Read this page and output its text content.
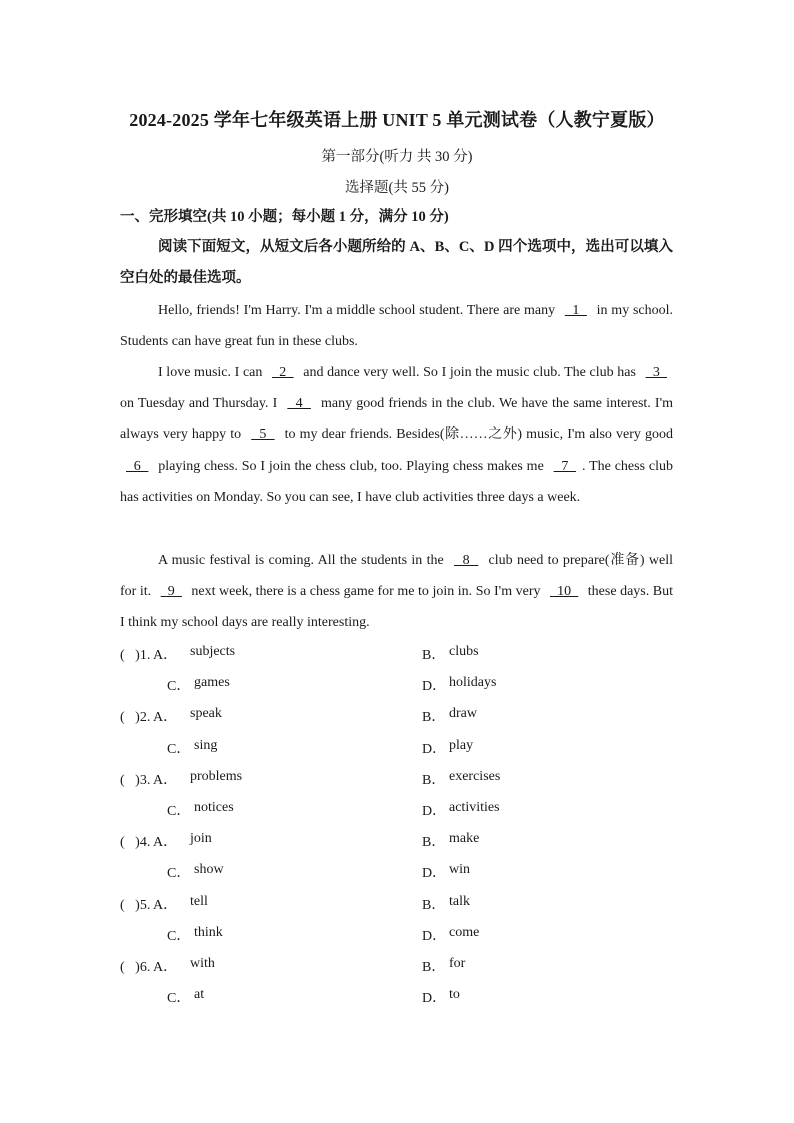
2024-2025 学年七年级英语上册 UNIT 5 单元测试卷（人教宁夏版）
第一部分(听力 共 30 分)
选择题(共 55 分)
一、完形填空(共 10 小题；每小题 1 分，满分 10 分)
阅读下面短文，从短文后各小题所给的 A、B、C、D 四个选项中，选出可以填入空白处的最佳选项。
Hello, friends! I'm Harry. I'm a middle school student. There are many   1   in my school. Students can have great fun in these clubs.
I love music. I can   2   and dance very well. So I join the music club. The club has   3   on Tuesday and Thursday. I   4   many good friends in the club. We have the same interest. I'm always very happy to   5   to my dear friends. Besides(除……之外) music, I'm also very good   6   playing chess. So I join the chess club, too. Playing chess makes me   7  . The chess club has activities on Monday. So you can see, I have club activities three days a week.
A music festival is coming. All the students in the   8   club need to prepare(准备) well for it.   9   next week, there is a chess game for me to join in. So I'm very   10   these days. But I think my school days are really interesting.
(   )1. A． subjects	B． clubs
C． games	D． holidays
(   )2. A． speak	B． draw
C． sing	D． play
(   )3. A． problems	B． exercises
C． notices	D． activities
(   )4. A． join	B． make
C． show	D． win
(   )5. A． tell	B． talk
C． think	D． come
(   )6. A． with	B． for
C． at	D． to
